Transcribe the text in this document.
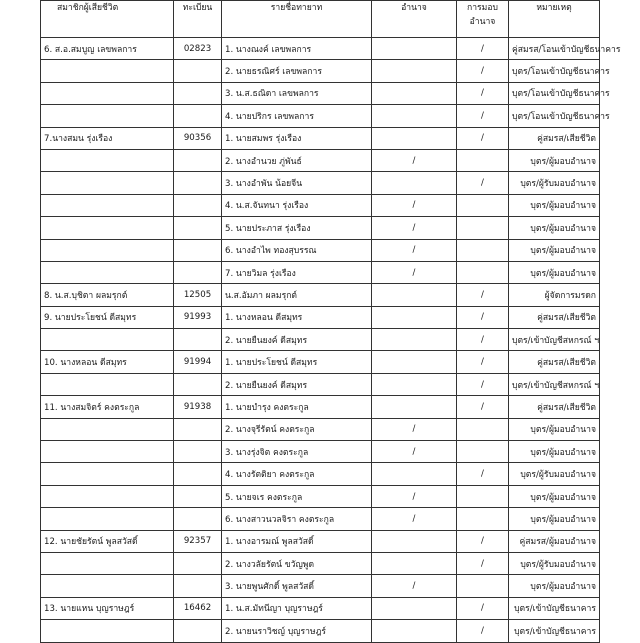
สมาชิกผู้เสียชีวิต	ทะเบียน	รายชื่อทายาท	อำนาจ	การมอบ
อำนาจ	หมายเหตุ
6. ส.อ.สมบูญ เลขพลการ	02823	1. นางณงค์ เลขพลการ		/	คู่สมรส/โอนเข้าบัญชีธนาคาร
		2. นายธรณิศร์ เลขพลการ		/	บุตร/โอนเข้าบัญชีธนาคาร
		3. น.ส.ธณิดา เลขพลการ		/	บุตร/โอนเข้าบัญชีธนาคาร
		4. นายปริกร เลขพลการ		/	บุตร/โอนเข้าบัญชีธนาคาร
7.นางสมน รุ่งเรือง	90356	1. นายสมพร รุ่งเรือง		/	คู่สมรส/เสียชีวิต
		2. นางอำนวย ภู่พันธ์	/		บุตร/ผู้มอบอำนาจ
		3. นางอำพัน น้อยจีน		/	บุตร/ผู้รับมอบอำนาจ
		4. น.ส.จันทนา รุ่งเรือง	/		บุตร/ผู้มอบอำนาจ
		5. นายประภาส รุ่งเรือง	/		บุตร/ผู้มอบอำนาจ
		6. นางอำไพ ทองสุบรรณ	/		บุตร/ผู้มอบอำนาจ
		7. นายวิมล รุ่งเรือง	/		บุตร/ผู้มอบอำนาจ
8. น.ส.บุชิตา ผลมรุกต์	12505	น.ส.อัมภา ผลมรุกต์		/	ผู้จัดการมรดก
9. นายประโยชน์ ดีสมุทร	91993	1. นางหลอน ดีสมุทร		/	คู่สมรส/เสียชีวิต
		2. นายยืนยงค์ ดีสมุทร		/	บุตร/เข้าบัญชีสหกรณ์ ฯ
10. นางหลอน ดีสมุทร	91994	1. นายประโยชน์ ดีสมุทร		/	คู่สมรส/เสียชีวิต
		2. นายยืนยงค์ ดีสมุทร		/	บุตร/เข้าบัญชีสหกรณ์ ฯ
11. นางสมจิตร์ คงตระกูล	91938	1. นายบำรุง คงตระกูล		/	คู่สมรส/เสียชีวิต
		2. นางจุรีรัตน์ คงตระกูล	/		บุตร/ผู้มอบอำนาจ
		3. นางรุ่งจิต คงตระกูล	/		บุตร/ผู้มอบอำนาจ
		4. นางรัตติยา คงตระกูล		/	บุตร/ผู้รับมอบอำนาจ
		5. นายจเร คงตระกูล	/		บุตร/ผู้มอบอำนาจ
		6. นางสาวนวลจิรา คงตระกูล	/		บุตร/ผู้มอบอำนาจ
12. นายชัยรัตน์ พูลสวัสดิ์	92357	1. นางอารมณ์ พูลสวัสดิ์		/	คู่สมรส/ผู้มอบอำนาจ
		2. นางวลัยรัตน์ ขวัญพูด		/	บุตร/ผู้รับมอบอำนาจ
		3. นายพูนศักดิ์ พูลสวัสดิ์	/		บุตร/ผู้มอบอำนาจ
13. นายแหน บุญราษฎร์	16462	1. น.ส.มัทนีญา บุญราษฎร์		/	บุตร/เข้าบัญชีธนาคาร
		2. นายนราวิชญ์ บุญราษฎร์		/	บุตร/เข้าบัญชีธนาคาร
